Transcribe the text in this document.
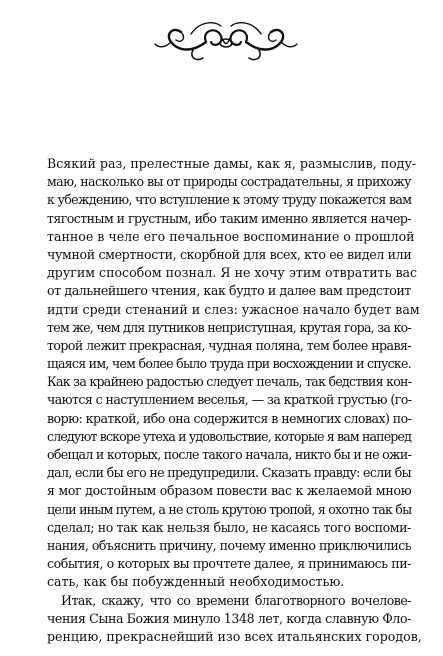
Всякий раз, прелестные дамы, как я, размыслив, поду-
маю, насколько вы от природы сострадательны, я прихожу
к убеждению, что вступление к этому труду покажется вам
тягостным и грустным, ибо таким именно является начер-
танное в челе его печальное воспоминание о прошлой
чумной смертности, скорбной для всех, кто ее видел или
другим способом познал. Я не хочу этим отвратить вас
от дальнейшего чтения, как будто и далее вам предстоит
идти среди стенаний и слез: ужасное начало будет вам
тем же, чем для путников неприступная, крутая гора, за ко-
торой лежит прекрасная, чудная поляна, тем более нравя-
щаяся им, чем более было труда при восхождении и спуске.
Как за крайнею радостью следует печаль, так бедствия кон-
чаются с наступлением веселья, — за краткой грустью (го-
ворю: краткой, ибо она содержится в немногих словах) по-
следуют вскоре утеха и удовольствие, которые я вам наперед
обещал и которых, после такого начала, никто бы и не ожи-
дал, если бы его не предупредили. Сказать правду: если бы
я мог достойным образом повести вас к желаемой мною
цели иным путем, а не столь крутою тропой, я охотно так бы
сделал; но так как нельзя было, не касаясь того воспоми-
нания, объяснить причину, почему именно приключились
события, о которых вы прочтете далее, я принимаюсь пи-
сать, как бы побужденный необходимостью.
Итак, скажу, что со времени благотворного вочелове-
чения Сына Божия минуло 1348 лет, когда славную Фло-
ренцию, прекраснейший изо всех итальянских городов,
